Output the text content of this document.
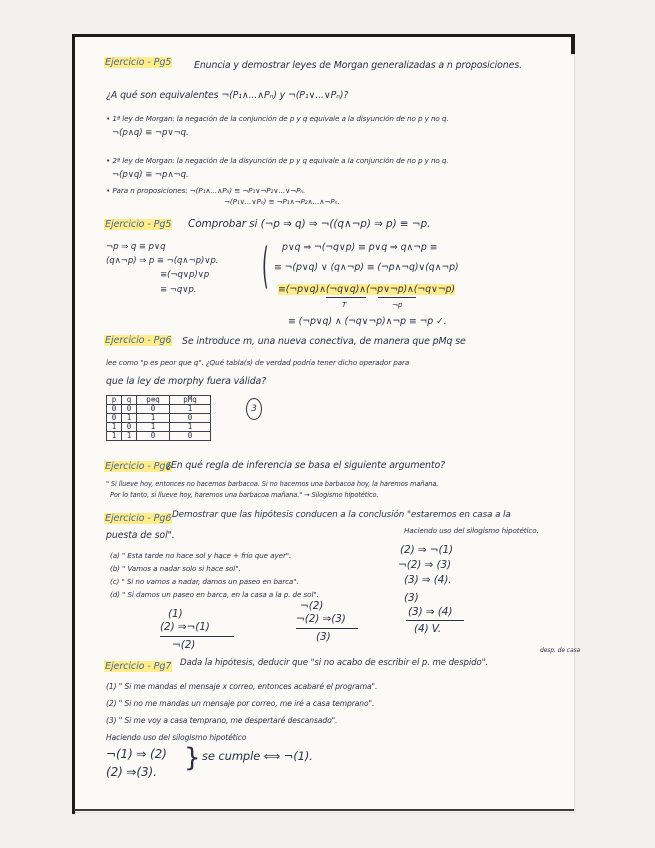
Ejercicio - Pg5 Enuncia y demostrar leyes de Morgan generalizadas a n proposiciones.
¿A qué son equivalentes ¬(P₁∧...∧Pₙ) y ¬(P₁∨...∨Pₙ)?
• 1ª ley de Morgan: la negación de la conjunción de p y q equivale a la disyunción de no p y no q.
¬(p∧q) ≡ ¬p∨¬q.
• 2ª ley de Morgan: la negación de la disyunción de p y q equivale a la conjunción de no p y no q.
¬(p∨q) ≡ ¬p∧¬q.
• Para n proposiciones: ¬(P₁∧...∧Pₙ) ≡ ¬P₁∨¬P₂∨...∨¬Pₙ.
¬(P₁∨...∨Pₙ) ≡ ¬P₁∧¬P₂∧...∧¬Pₙ.
Ejercicio - Pg5 Comprobar si (¬p ⇒ q) ⇒ ¬((q∧¬p) ⇒ p) ≡ ¬p.
¬p ⇒ q ≡ p∨q
(q∧¬p) ⇒ p ≡ ¬(q∧¬p)∨p.
≡(¬q∨p)∨p
≡ ¬q∨p. ( p∨q ⇒ ¬(¬q∨p) ≡ p∨q ⇒ q∧¬p ≡
≡ ¬(p∨q) ∨ (q∧¬p) ≡ (¬p∧¬q)∨(q∧¬p)
≡(¬p∨q)∧(¬q∨q)∧(¬p∨¬p)∧(¬q∨¬p)
T	¬p
≡ (¬p∨q) ∧ (¬q∨¬p)∧¬p ≡ ¬p ✓.
Ejercicio - Pg6 Se introduce m, una nueva conectiva, de manera que pMq se
lee como "p es peor que q". ¿Qué tabla(s) de verdad podría tener dicho operador para
que la ley de morphy fuera válida?
p	q	p⊕q	pMq
0	0	0	1
0	1	1	0
1	0	1	1
1	1	0	0
3
Ejercicio - Pg6
¿En qué regla de inferencia se basa el siguiente argumento?
" Si llueve hoy, entonces no hacemos barbacoa. Si no hacemos una barbacoa hoy, la haremos mañana.
Por lo tanto, si llueve hoy, haremos una barbacoa mañana." → Silogismo hipotético.
Ejercicio - Pg6 Demostrar que las hipótesis conducen a la conclusión "estaremos en casa a la
puesta de sol".	Haciendo uso del silogismo hipotético.
(a) " Esta tarde no hace sol y hace + frío que ayer".
(b) " Vamos a nadar solo si hace sol".
(c) " Si no vamos a nadar, damos un paseo en barca".
(d) " Si damos un paseo en barca, en la casa a la p. de sol".
(2) ⇒ ¬(1)
¬(2) ⇒ (3)
(3) ⇒ (4).
(3)
(3) ⇒ (4)
(4) V.
¬(2)
¬(2) ⇒(3)
(3)
(1)
(2) ⇒¬(1)
¬(2)
Ejercicio - Pg7 Dada la hipótesis, deducir que "si no acabo de escribir el p. me despido".
desp. de casa
(1) " Si me mandas el mensaje x correo, entonces acabaré el programa".
(2) " Si no me mandas un mensaje por correo, me iré a casa temprano".
(3) " Si me voy a casa temprano, me despertaré descansado".
Haciendo uso del silogismo hipotético
¬(1) ⇒ (2) } se cumple ⟺ ¬(1).
(2) ⇒(3).
